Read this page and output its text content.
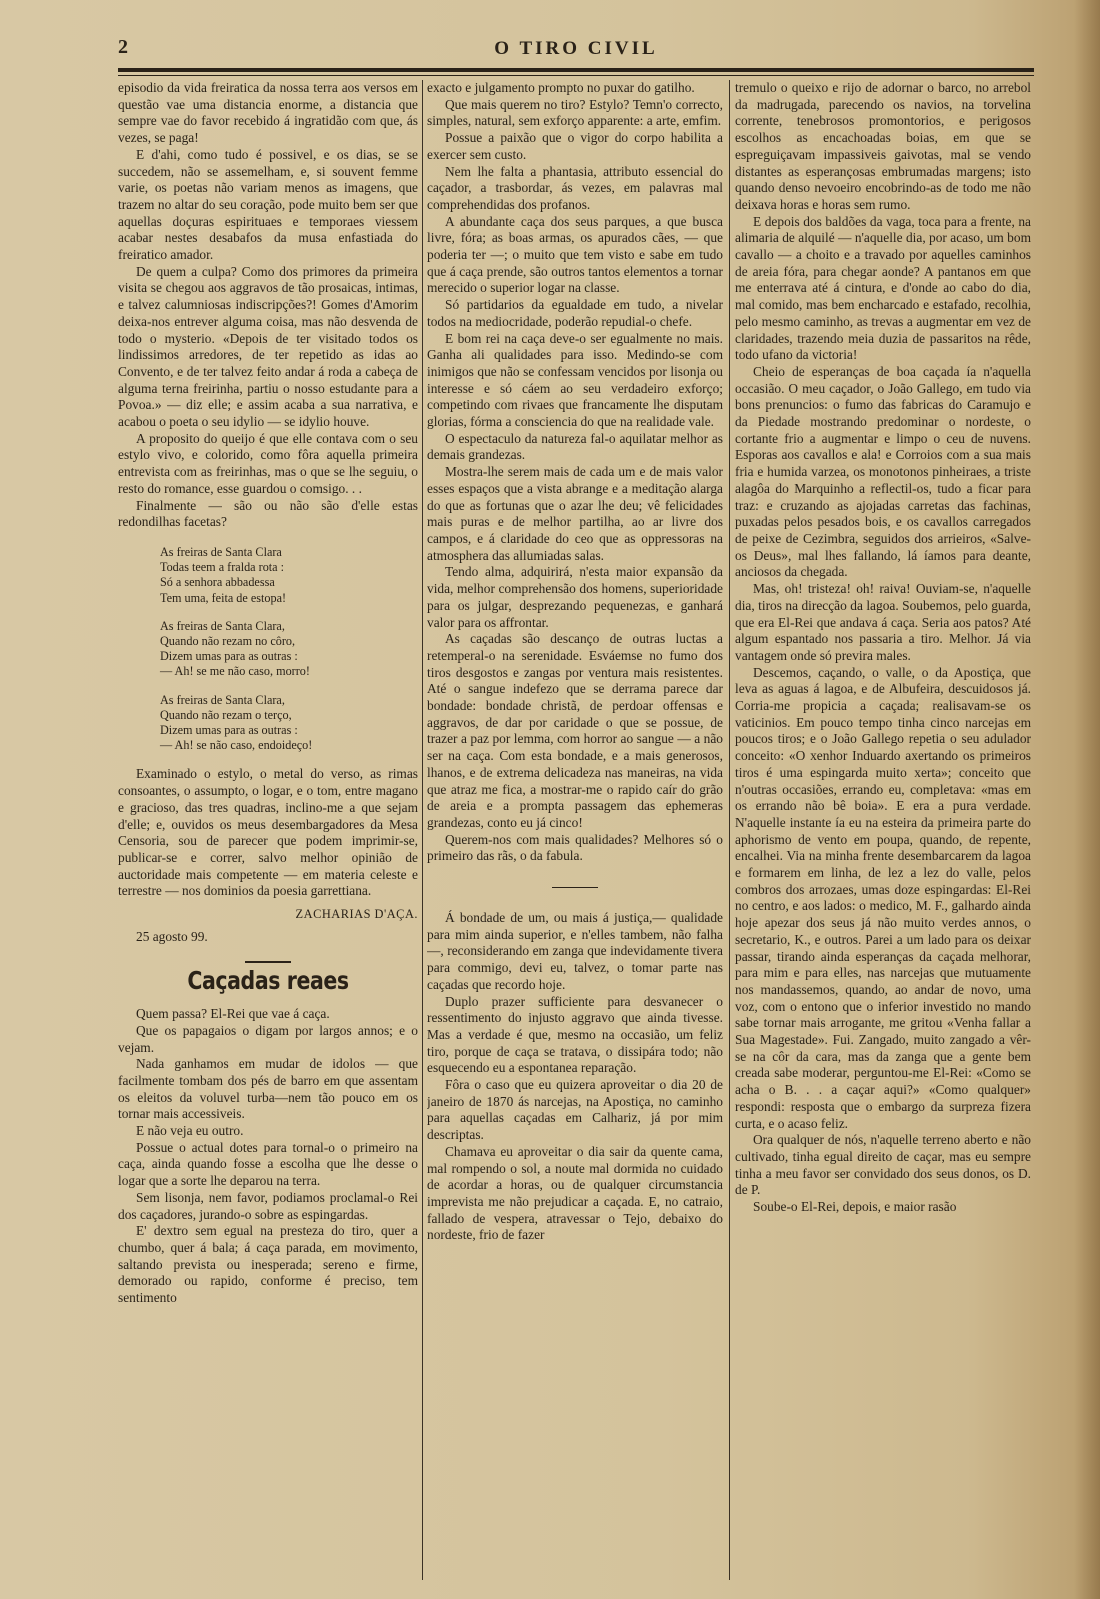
2	O TIRO CIVIL

episodio da vida freiratica da nossa terra aos versos em questão vae uma distancia enorme, a distancia que sempre vae do favor recebido á ingratidão com que, ás vezes, se paga!

E d'ahi, como tudo é possivel, e os dias, se se succedem, não se assemelham, e, si souvent femme varie, os poetas não variam menos as imagens, que trazem no altar do seu coração, pode muito bem ser que aquellas doçuras espirituaes e temporaes viessem acabar nestes desabafos da musa enfastiada do freiratico amador.

De quem a culpa? Como dos primores da primeira visita se chegou aos aggravos de tão prosaicas, intimas, e talvez calumniosas indiscripções?! Gomes d'Amorim deixa-nos entrever alguma coisa, mas não desvenda de todo o mysterio. «Depois de ter visitado todos os lindissimos arredores, de ter repetido as idas ao Convento, e de ter talvez feito andar á roda a cabeça de alguma terna freirinha, partiu o nosso estudante para a Povoa.» — diz elle; e assim acaba a sua narrativa, e acabou o poeta o seu idylio — se idylio houve.

A proposito do queijo é que elle contava com o seu estylo vivo, e colorido, como fôra aquella primeira entrevista com as freirinhas, mas o que se lhe seguiu, o resto do romance, esse guardou o comsigo. . .

Finalmente — são ou não são d'elle estas redondilhas facetas?

As freiras de Santa Clara
Todas teem a fralda rota :
Só a senhora abbadessa
Tem uma, feita de estopa!
As freiras de Santa Clara,
Quando não rezam no côro,
Dizem umas para as outras :
— Ah! se me não caso, morro!
As freiras de Santa Clara,
Quando não rezam o terço,
Dizem umas para as outras :
— Ah! se não caso, endoideço!

Examinado o estylo, o metal do verso, as rimas consoantes, o assumpto, o logar, e o tom, entre magano e gracioso, das tres quadras, inclino-me a que sejam d'elle; e, ouvidos os meus desembargadores da Mesa Censoria, sou de parecer que podem imprimir-se, publicar-se e correr, salvo melhor opinião de auctoridade mais competente — em materia celeste e terrestre — nos dominios da poesia garrettiana.

ZACHARIAS D'AÇA.
25 agosto 99.
Caçadas reaes

Quem passa? El-Rei que vae á caça.

Que os papagaios o digam por largos annos; e o vejam.

Nada ganhamos em mudar de idolos — que facilmente tombam dos pés de barro em que assentam os eleitos da voluvel turba—nem tão pouco em os tornar mais accessiveis.

E não veja eu outro.

Possue o actual dotes para tornal-o o primeiro na caça, ainda quando fosse a escolha que lhe desse o logar que a sorte lhe deparou na terra.

Sem lisonja, nem favor, podiamos proclamal-o Rei dos caçadores, jurando-o sobre as espingardas.

E' dextro sem egual na presteza do tiro, quer a chumbo, quer á bala; á caça parada, em movimento, saltando prevista ou inesperada; sereno e firme, demorado ou rapido, conforme é preciso, tem sentimento

exacto e julgamento prompto no puxar do gatilho.

Que mais querem no tiro? Estylo? Temn'o correcto, simples, natural, sem exforço apparente: a arte, emfim.

Possue a paixão que o vigor do corpo habilita a exercer sem custo.

Nem lhe falta a phantasia, attributo essencial do caçador, a trasbordar, ás vezes, em palavras mal comprehendidas dos profanos.

A abundante caça dos seus parques, a que busca livre, fóra; as boas armas, os apurados cães, — que poderia ter —; o muito que tem visto e sabe em tudo que á caça prende, são outros tantos elementos a tornar merecido o superior logar na classe.

Só partidarios da egualdade em tudo, a nivelar todos na mediocridade, poderão repudial-o chefe.

E bom rei na caça deve-o ser egualmente no mais. Ganha ali qualidades para isso. Medindo-se com inimigos que não se confessam vencidos por lisonja ou interesse e só cáem ao seu verdadeiro exforço; competindo com rivaes que francamente lhe disputam glorias, fórma a consciencia do que na realidade vale.

O espectaculo da natureza fal-o aquilatar melhor as demais grandezas.

Mostra-lhe serem mais de cada um e de mais valor esses espaços que a vista abrange e a meditação alarga do que as fortunas que o azar lhe deu; vê felicidades mais puras e de melhor partilha, ao ar livre dos campos, e á claridade do ceo que as oppressoras na atmosphera das allumiadas salas.

Tendo alma, adquirirá, n'esta maior expansão da vida, melhor comprehensão dos homens, superioridade para os julgar, desprezando pequenezas, e ganhará valor para os affrontar.

As caçadas são descanço de outras luctas a retemperal-o na serenidade. Esváemse no fumo dos tiros desgostos e zangas por ventura mais resistentes. Até o sangue indefezo que se derrama parece dar bondade: bondade christã, de perdoar offensas e aggravos, de dar por caridade o que se possue, de trazer a paz por lemma, com horror ao sangue — a não ser na caça. Com esta bondade, e a mais generosos, lhanos, e de extrema delicadeza nas maneiras, na vida que atraz me fica, a mostrar-me o rapido caír do grão de areia e a prompta passagem das ephemeras grandezas, conto eu já cinco!

Querem-nos com mais qualidades? Melhores só o primeiro das rãs, o da fabula.

Á bondade de um, ou mais á justiça,— qualidade para mim ainda superior, e n'elles tambem, não falha —, reconsiderando em zanga que indevidamente tivera para commigo, devi eu, talvez, o tomar parte nas caçadas que recordo hoje.

Duplo prazer sufficiente para desvanecer o ressentimento do injusto aggravo que ainda tivesse. Mas a verdade é que, mesmo na occasião, um feliz tiro, porque de caça se tratava, o dissipára todo; não esquecendo eu a espontanea reparação.

Fôra o caso que eu quizera aproveitar o dia 20 de janeiro de 1870 ás narcejas, na Apostiça, no caminho para aquellas caçadas em Calhariz, já por mim descriptas.

Chamava eu aproveitar o dia sair da quente cama, mal rompendo o sol, a noute mal dormida no cuidado de acordar a horas, ou de qualquer circumstancia imprevista me não prejudicar a caçada. E, no catraio, fallado de vespera, atravessar o Tejo, debaixo do nordeste, frio de fazer

tremulo o queixo e rijo de adornar o barco, no arrebol da madrugada, parecendo os navios, na torvelina corrente, tenebrosos promontorios, e perigosos escolhos as encachoadas boias, em que se espreguiçavam impassiveis gaivotas, mal se vendo distantes as esperançosas embrumadas margens; isto quando denso nevoeiro encobrindo-as de todo me não deixava horas e horas sem rumo.

E depois dos baldões da vaga, toca para a frente, na alimaria de alquilé — n'aquelle dia, por acaso, um bom cavallo — a choito e a travado por aquelles caminhos de areia fóra, para chegar aonde? A pantanos em que me enterrava até á cintura, e d'onde ao cabo do dia, mal comido, mas bem encharcado e estafado, recolhia, pelo mesmo caminho, as trevas a augmentar em vez de claridades, trazendo meia duzia de passaritos na rêde, todo ufano da victoria!

Cheio de esperanças de boa caçada ía n'aquella occasião. O meu caçador, o João Gallego, em tudo via bons prenuncios: o fumo das fabricas do Caramujo e da Piedade mostrando predominar o nordeste, o cortante frio a augmentar e limpo o ceu de nuvens. Esporas aos cavallos e ala! e Corroios com a sua mais fria e humida varzea, os monotonos pinheiraes, a triste alagôa do Marquinho a reflectil-os, tudo a ficar para traz: e cruzando as ajojadas carretas das fachinas, puxadas pelos pesados bois, e os cavallos carregados de peixe de Cezimbra, seguidos dos arrieiros, «Salve-os Deus», mal lhes fallando, lá íamos para deante, anciosos da chegada.

Mas, oh! tristeza! oh! raiva! Ouviam-se, n'aquelle dia, tiros na direcção da lagoa. Soubemos, pelo guarda, que era El-Rei que andava á caça. Seria aos patos? Até algum espantado nos passaria a tiro. Melhor. Já via vantagem onde só previra males.

Descemos, caçando, o valle, o da Apostiça, que leva as aguas á lagoa, e de Albufeira, descuidosos já. Corria-me propicia a caçada; realisavam-se os vaticinios. Em pouco tempo tinha cinco narcejas em poucos tiros; e o João Gallego repetia o seu adulador conceito: «O xenhor Induardo axertando os primeiros tiros é uma espingarda muito xerta»; conceito que n'outras occasiões, errando eu, completava: «mas em os errando não bê boia». E era a pura verdade. N'aquelle instante ía eu na esteira da primeira parte do aphorismo de vento em poupa, quando, de repente, encalhei. Via na minha frente desembarcarem da lagoa e formarem em linha, de lez a lez do valle, pelos combros dos arrozaes, umas doze espingardas: El-Rei no centro, e aos lados: o medico, M. F., galhardo ainda hoje apezar dos seus já não muito verdes annos, o secretario, K., e outros. Parei a um lado para os deixar passar, tirando ainda esperanças da caçada melhorar, para mim e para elles, nas narcejas que mutuamente nos mandassemos, quando, ao andar de novo, uma voz, com o entono que o inferior investido no mando sabe tornar mais arrogante, me gritou «Venha fallar a Sua Magestade». Fui. Zangado, muito zangado a vêr-se na côr da cara, mas da zanga que a gente bem creada sabe moderar, perguntou-me El-Rei: «Como se acha o B. . . a caçar aqui?» «Como qualquer» respondi: resposta que o embargo da surpreza fizera curta, e o acaso feliz.

Ora qualquer de nós, n'aquelle terreno aberto e não cultivado, tinha egual direito de caçar, mas eu sempre tinha a meu favor ser convidado dos seus donos, os D. de P.

Soube-o El-Rei, depois, e maior rasão
